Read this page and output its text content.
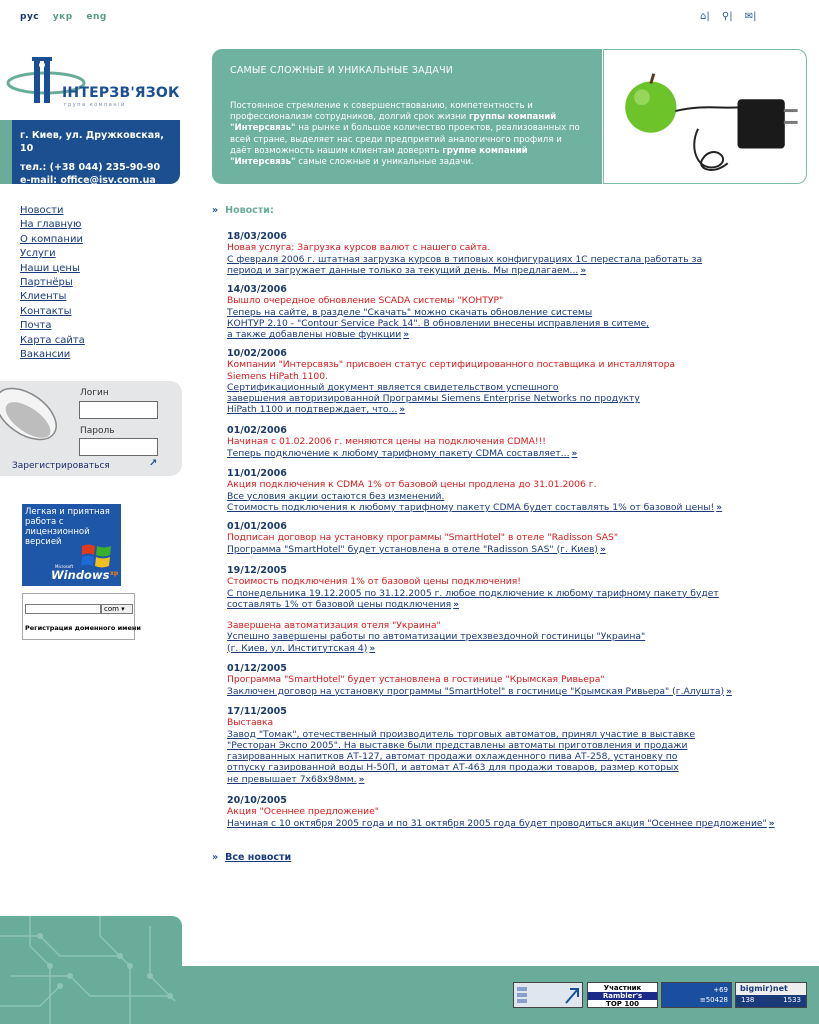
рус укр eng	⌂| ⚲| ✉|
ІНТЕРЗВ'ЯЗОК
група компаній
г. Киев, ул. Дружковская, 10
тел.: (+38 044) 235-90-90
e-mail: office@isv.com.ua
САМЫЕ СЛОЖНЫЕ И УНИКАЛЬНЫЕ ЗАДАЧИ
Постоянное стремление к совершенствованию, компетентность и профессионализм сотрудников, долгий срок жизни группы компаний "Интерсвязь" на рынке и большое количество проектов, реализованных по всей стране, выделяет нас среди предприятий аналогичного профиля и даёт возможность нашим клиентам доверять группе компаний "Интерсвязь" самые сложные и уникальные задачи.
Новости
На главную
О компании
Услуги
Наши цены
Партнёры
Клиенты
Контакты
Почта
Карта сайта
Вакансии
Логин
Пароль
Зарегистрироваться	↗
Легкая и приятная работа с лицензионной версией
Microsoft
Windows xp
com ▾
Регистрация доменного имени
» Новости:
18/03/2006
Новая услуга: Загрузка курсов валют с нашего сайта.
С февраля 2006 г. штатная загрузка курсов в типовых конфигурациях 1С перестала работать за
период и загружает данные только за текущий день. Мы предлагаем... »
14/03/2006
Вышло очередное обновление SCADA системы "КОНТУР"
Теперь на сайте, в разделе "Скачать" можно скачать обновление системы
КОНТУР 2.10 - "Contour Service Pack 14". В обновлении внесены исправления в ситеме,
а также добавлены новые функции »
10/02/2006
Компании "Интерсвязь" присвоен статус сертифицированного поставщика и инсталлятора
Siemens HiPath 1100.
Сертификационный документ является свидетельством успешного
завершения авторизированной Программы Siemens Enterprise Networks по продукту
HiPath 1100 и подтверждает, что... »
01/02/2006
Начиная с 01.02.2006 г. меняются цены на подключения CDMA!!!
Теперь подключение к любому тарифному пакету CDMA составляет... »
11/01/2006
Акция подключения к CDMA 1% от базовой цены продлена до 31.01.2006 г.
Все условия акции остаются без изменений.
Стоимость подключения к любому тарифному пакету CDMA будет составлять 1% от базовой цены! »
01/01/2006
Подписан договор на установку программы "SmartHotel" в отеле "Radisson SAS"
Программа "SmartHotel" будет установлена в отеле "Radisson SAS" (г. Киев) »
19/12/2005
Стоимость подключения 1% от базовой цены подключения!
С понедельника 19.12.2005 по 31.12.2005 г. любое подключение к любому тарифному пакету будет
составлять 1% от базовой цены подключения »
Завершена автоматизация отеля "Украина"
Успешно завершены работы по автоматизации трехзвездочной гостиницы "Украина"
(г. Киев, ул. Институтская 4) »
01/12/2005
Программа "SmartHotel" будет установлена в гостинице "Крымская Ривьера"
Заключен договор на установку программы "SmartHotel" в гостинице "Крымская Ривьера" (г.Алушта) »
17/11/2005
Выставка
Завод "Томак", отечественный производитель торговых автоматов, принял участие в выставке
"Ресторан Экспо 2005". На выставке были представлены автоматы приготовления и продажи
газированных напитков АТ-127, автомат продажи охлажденного пива АТ-258, установку по
отпуску газированной воды Н-50П, и автомат АТ-463 для продажи товаров, размер которых
не превышает 7х68х98мм. »
20/10/2005
Акция "Осеннее предложение"
Начиная с 10 октября 2005 года и по 31 октября 2005 года будет проводиться акция "Осеннее предложение" »
» Все новости
Участник
Rambler's
TOP 100
+69
≡50428
bigmir)net
138	1533
